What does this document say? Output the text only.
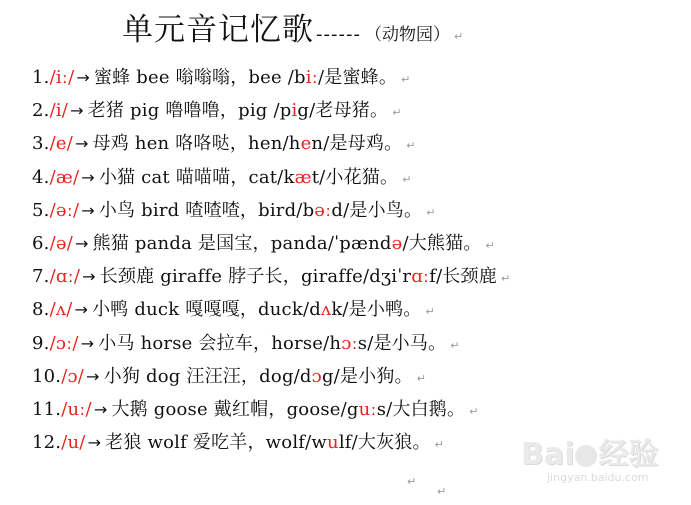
单元音记忆歌 ------ （动物园） ↵
1./iː/ → 蜜蜂 bee 嗡嗡嗡，bee /biː/是蜜蜂。 ↵
2./i/ → 老猪 pig 噜噜噜，pig /pig/老母猪。 ↵
3./e/ → 母鸡 hen 咯咯哒，hen/hen/是母鸡。 ↵
4./æ/ → 小猫 cat 喵喵喵，cat/kæt/小花猫。 ↵
5./əː/ → 小鸟 bird 喳喳喳，bird/bəːd/是小鸟。 ↵
6./ə/ → 熊猫 panda 是国宝，panda/ˈpændə/大熊猫。 ↵
7./ɑː/ → 长颈鹿 giraffe 脖子长，giraffe/dʒiˈrɑːf/长颈鹿 ↵
8./ʌ/ → 小鸭 duck 嘎嘎嘎，duck/dʌk/是小鸭。 ↵
9./ɔː/ → 小马 horse 会拉车，horse/hɔːs/是小马。 ↵
10./ɔ/ → 小狗 dog 汪汪汪，dog/dɔg/是小狗。 ↵
11./uː/ → 大鹅 goose 戴红帽，goose/guːs/大白鹅。 ↵
12./u/ → 老狼 wolf 爱吃羊，wolf/wulf/大灰狼。 ↵
↵
↵
Bai 经验
jingyan.baidu.com
